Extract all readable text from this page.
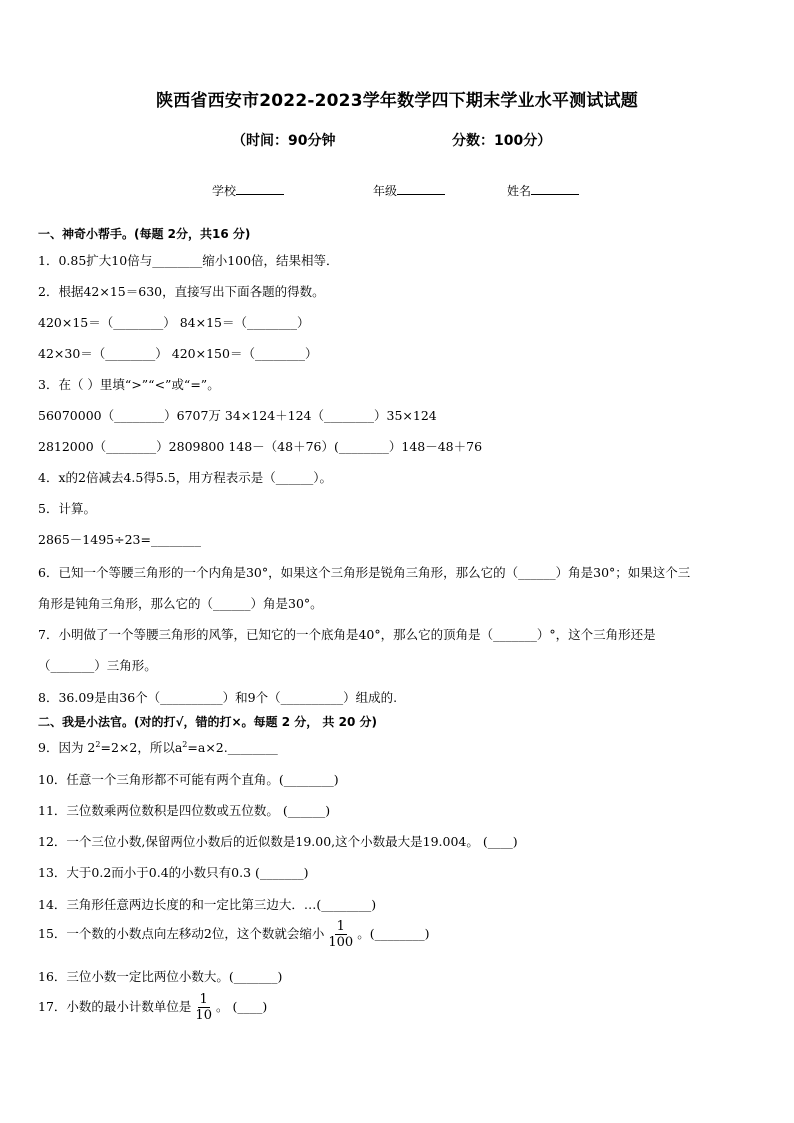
陕西省西安市2022-2023学年数学四下期末学业水平测试试题
（时间：90分钟	分数：100分）
学校	年级	姓名
一、神奇小帮手。(每题 2分，共16 分)
1．0.85扩大10倍与________缩小100倍，结果相等．
2．根据42×15＝630，直接写出下面各题的得数。
420×15＝（________） 84×15＝（________）
42×30＝（________） 420×150＝（________）
3．在（ ）里填“>”“<”或“=”。
56070000（________）6707万 34×124＋124（________）35×124
2812000（________）2809800 148－（48＋76）(________）148－48＋76
4．x的2倍减去4.5得5.5，用方程表示是（______）。
5．计算。
2865－1495÷23=________
6．已知一个等腰三角形的一个内角是30°，如果这个三角形是锐角三角形，那么它的（______）角是30°；如果这个三
角形是钝角三角形，那么它的（______）角是30°。
7．小明做了一个等腰三角形的风筝，已知它的一个底角是40°，那么它的顶角是（_______）°，这个三角形还是
（_______）三角形。
8．36.09是由36个（__________）和9个（__________）组成的.
二、我是小法官。(对的打√，错的打×。每题 2 分， 共 20 分)
9．因为 $2^2=2\times 2$，所以$a^2=a\times 2.\_\_\_\_\_\_\_\_$
10．任意一个三角形都不可能有两个直角。(________)
11．三位数乘两位数积是四位数或五位数。 (______)
12．一个三位小数,保留两位小数后的近似数是19.00,这个小数最大是19.004。 (____)
13．大于0.2而小于0.4的小数只有0.3 (_______)
14．三角形任意两边长度的和一定比第三边大．…(________)
15．一个数的小数点向左移动2位，这个数就会缩小 $\frac{1}{100}$ 。(________)
16．三位小数一定比两位小数大。(_______)
17．小数的最小计数单位是 $\frac{1}{10}$ 。 (____)
